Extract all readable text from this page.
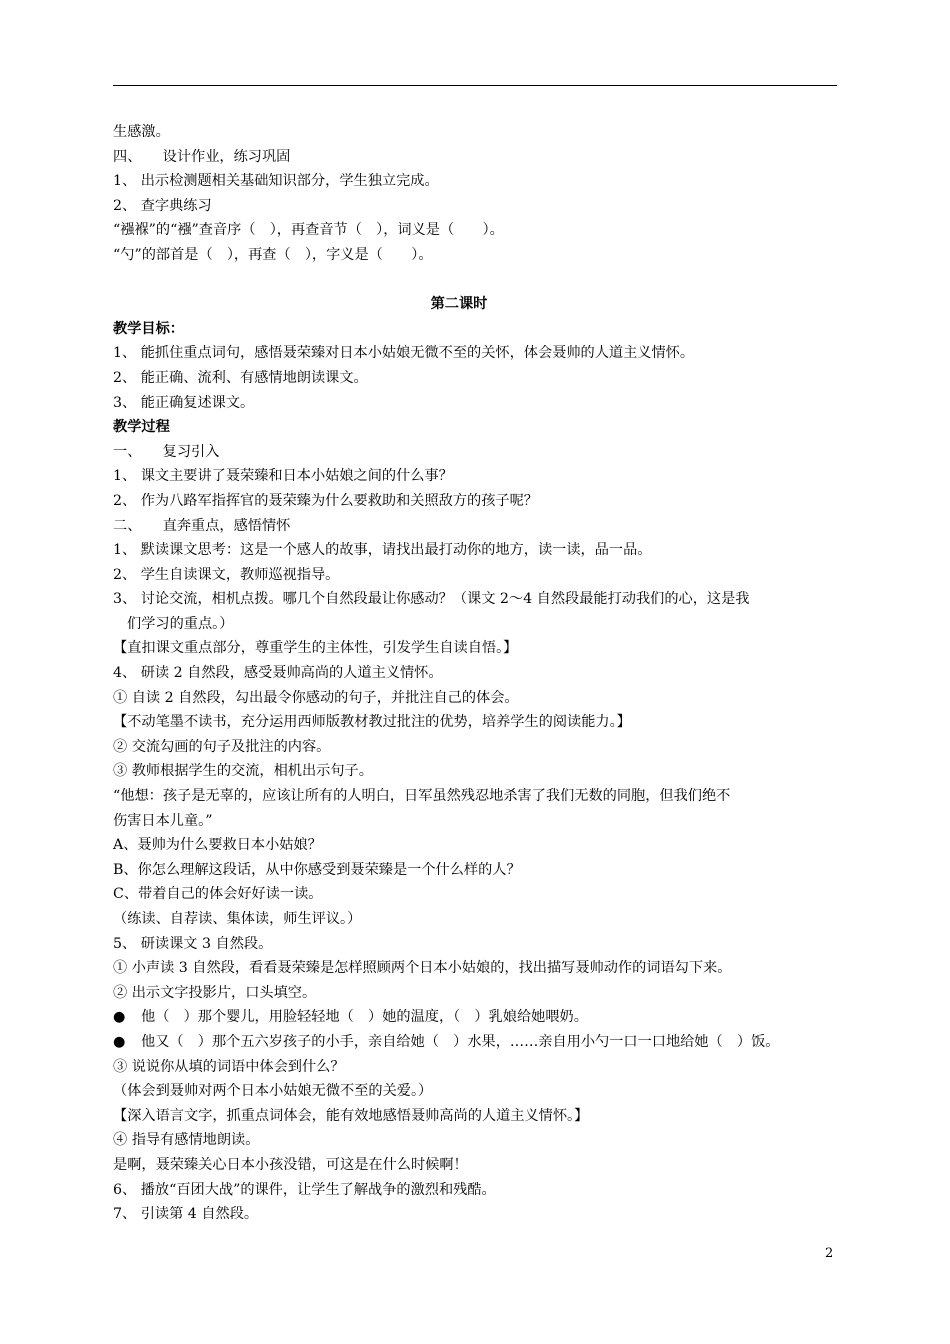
生感激。
四、　　设计作业，练习巩固
1、 出示检测题相关基础知识部分，学生独立完成。
2、 查字典练习
“襁褓”的“襁”查音序（　），再查音节（　），词义是（　　）。
“勺”的部首是（　），再查（　），字义是（　　）。
第二课时
教学目标：
1、 能抓住重点词句，感悟聂荣臻对日本小姑娘无微不至的关怀，体会聂帅的人道主义情怀。
2、 能正确、流利、有感情地朗读课文。
3、 能正确复述课文。
教学过程
一、　　复习引入
1、 课文主要讲了聂荣臻和日本小姑娘之间的什么事？
2、 作为八路军指挥官的聂荣臻为什么要救助和关照敌方的孩子呢？
二、　　直奔重点，感悟情怀
1、 默读课文思考：这是一个感人的故事，请找出最打动你的地方，读一读，品一品。
2、 学生自读课文，教师巡视指导。
3、 讨论交流，相机点拨。哪几个自然段最让你感动？（课文 2～4 自然段最能打动我们的心，这是我
们学习的重点。）
【直扣课文重点部分，尊重学生的主体性，引发学生自读自悟。】
4、 研读 2 自然段，感受聂帅高尚的人道主义情怀。
① 自读 2 自然段，勾出最令你感动的句子，并批注自己的体会。
【不动笔墨不读书，充分运用西师版教材教过批注的优势，培养学生的阅读能力。】
② 交流勾画的句子及批注的内容。
③ 教师根据学生的交流，相机出示句子。
“他想：孩子是无辜的，应该让所有的人明白，日军虽然残忍地杀害了我们无数的同胞，但我们绝不
伤害日本儿童。”
A、聂帅为什么要救日本小姑娘？
B、你怎么理解这段话，从中你感受到聂荣臻是一个什么样的人？
C、带着自己的体会好好读一读。
（练读、自荐读、集体读，师生评议。）
5、 研读课文 3 自然段。
① 小声读 3 自然段，看看聂荣臻是怎样照顾两个日本小姑娘的，找出描写聂帅动作的词语勾下来。
② 出示文字投影片，口头填空。
● 他（　）那个婴儿，用脸轻轻地（　）她的温度，（　）乳娘给她喂奶。
● 他又（　）那个五六岁孩子的小手，亲自给她（　）水果，……亲自用小勺一口一口地给她（　）饭。
③ 说说你从填的词语中体会到什么？
（体会到聂帅对两个日本小姑娘无微不至的关爱。）
【深入语言文字，抓重点词体会，能有效地感悟聂帅高尚的人道主义情怀。】
④ 指导有感情地朗读。
是啊，聂荣臻关心日本小孩没错，可这是在什么时候啊！
6、 播放“百团大战”的课件，让学生了解战争的激烈和残酷。
7、 引读第 4 自然段。
2
